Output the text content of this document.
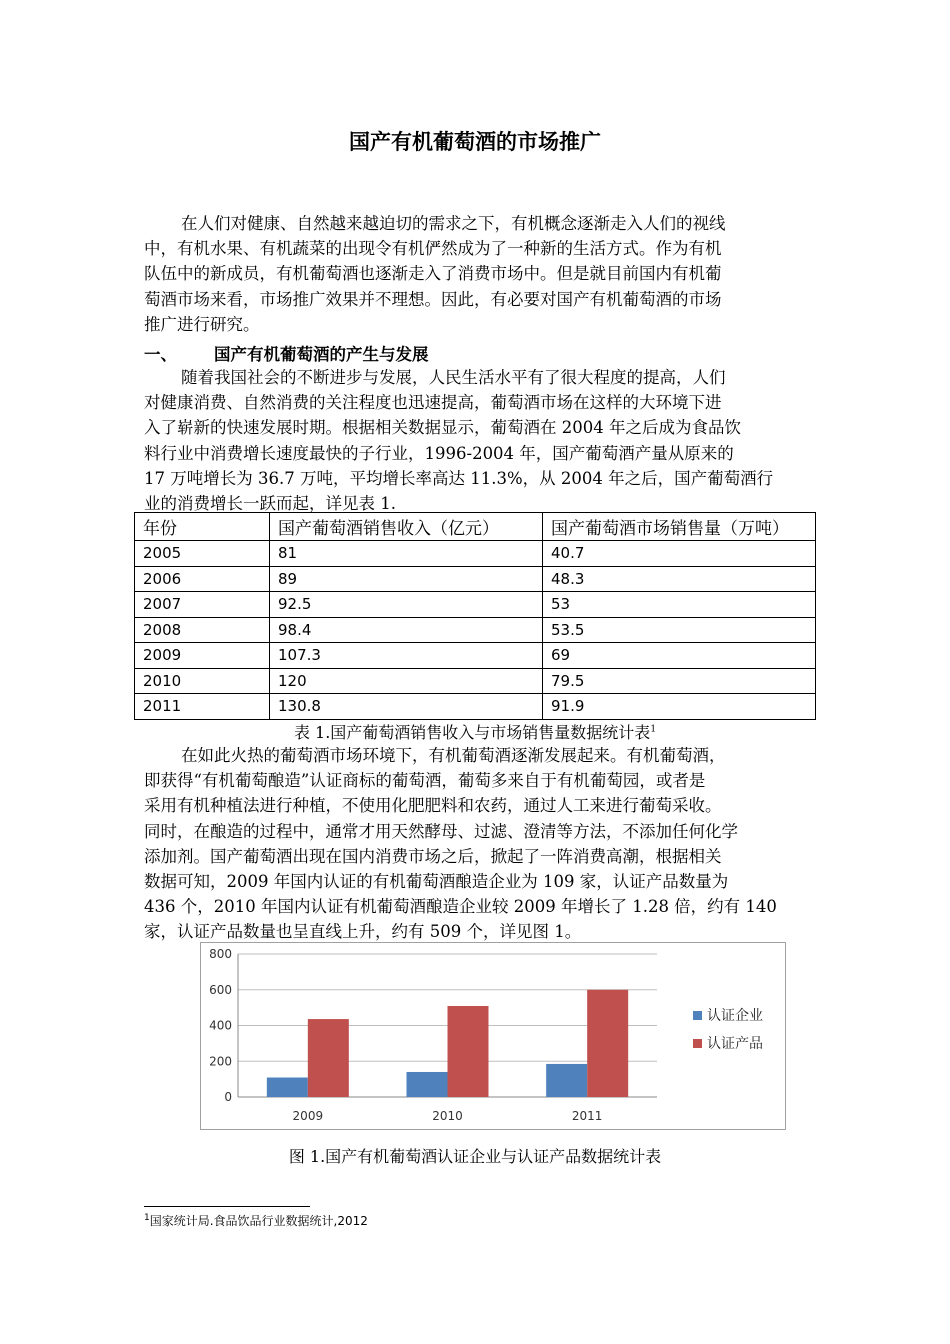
国产有机葡萄酒的市场推广
在人们对健康、自然越来越迫切的需求之下，有机概念逐渐走入人们的视线
中，有机水果、有机蔬菜的出现令有机俨然成为了一种新的生活方式。作为有机
队伍中的新成员，有机葡萄酒也逐渐走入了消费市场中。但是就目前国内有机葡
萄酒市场来看，市场推广效果并不理想。因此，有必要对国产有机葡萄酒的市场
推广进行研究。
一、 国产有机葡萄酒的产生与发展
随着我国社会的不断进步与发展，人民生活水平有了很大程度的提高，人们
对健康消费、自然消费的关注程度也迅速提高，葡萄酒市场在这样的大环境下进
入了崭新的快速发展时期。根据相关数据显示，葡萄酒在 2004 年之后成为食品饮
料行业中消费增长速度最快的子行业，1996-2004 年，国产葡萄酒产量从原来的
17 万吨增长为 36.7 万吨，平均增长率高达 11.3%，从 2004 年之后，国产葡萄酒行
业的消费增长一跃而起，详见表 1.
年份	国产葡萄酒销售收入（亿元）	国产葡萄酒市场销售量（万吨）
2005	81	40.7
2006	89	48.3
2007	92.5	53
2008	98.4	53.5
2009	107.3	69
2010	120	79.5
2011	130.8	91.9
表 1.国产葡萄酒销售收入与市场销售量数据统计表$^1$
在如此火热的葡萄酒市场环境下，有机葡萄酒逐渐发展起来。有机葡萄酒，
即获得“有机葡萄酿造”认证商标的葡萄酒，葡萄多来自于有机葡萄园，或者是
采用有机种植法进行种植，不使用化肥肥料和农药，通过人工来进行葡萄采收。
同时，在酿造的过程中，通常才用天然酵母、过滤、澄清等方法，不添加任何化学
添加剂。国产葡萄酒出现在国内消费市场之后，掀起了一阵消费高潮，根据相关
数据可知，2009 年国内认证的有机葡萄酒酿造企业为 109 家，认证产品数量为
436 个，2010 年国内认证有机葡萄酒酿造企业较 2009 年增长了 1.28 倍，约有 140
家，认证产品数量也呈直线上升，约有 509 个，详见图 1。
0
200
400
600
800
2009	2010	2011
认证企业
认证产品
图 1.国产有机葡萄酒认证企业与认证产品数据统计表
$^1$国家统计局.食品饮品行业数据统计,2012
